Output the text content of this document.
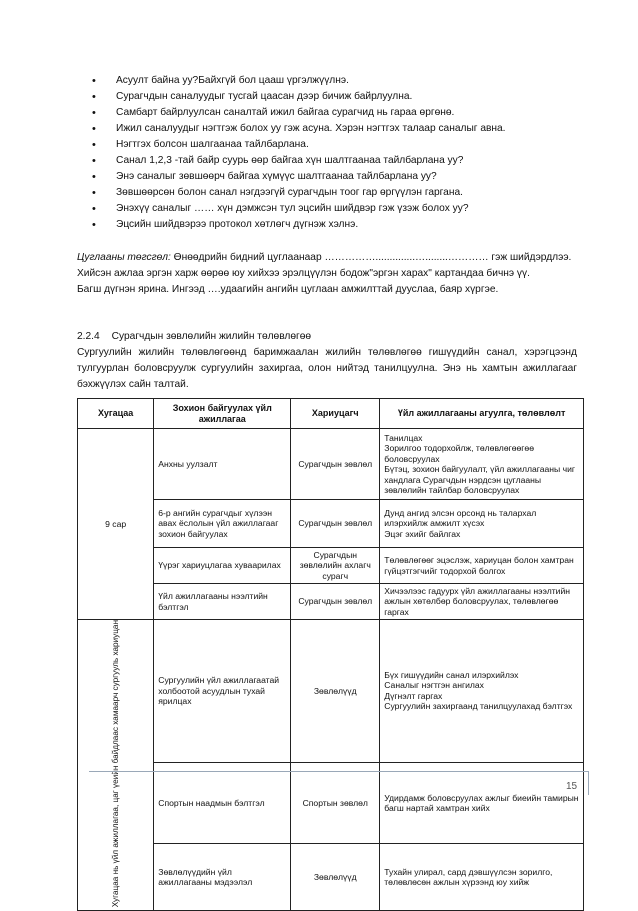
• Асуулт байна уу?Байхгүй бол цааш үргэлжүүлнэ.
• Сурагчдын саналуудыг тусгай цаасан дээр бичиж байрлуулна.
• Самбарт байрлуулсан саналтай ижил байгаа сурагчид нь гараа өргөнө.
• Ижил саналуудыг нэгтгэж болох уу гэж асуна. Хэрэн нэгтгэх талаар саналыг авна.
• Нэгтгэх болсон шалгаанаа тайлбарлана.
• Санал 1,2,3 -тай байр суурь өөр байгаа хүн шалтгаанаа тайлбарлана уу?
• Энэ саналыг зөвшөөрч байгаа хүмүүс шалтгаанаа тайлбарлана уу?
• Зөвшөөрсөн болон санал нэгдээгүй сурагчдын тоог гар өргүүлэн гаргана.
• Энэхүү саналыг …… хүн дэмжсэн тул эцсийн шийдвэр гэж үзэж болох уу?
• Эцсийн шийдвэрээ протокол хөтлөгч дүгнэж хэлнэ.
Цуглааны төгсгөл: Өнөөдрийн бидний цуглаанаар ……………..............…........………… гэж шийдэрдлээ. Хийсэн ажлаа эргэн харж өөрөө юу хийхээ эрэлцүүлэн бодож"эргэн харах" картандаа бичнэ үү.
Багш дүгнэн ярина. Ингээд ….удаагийн ангийн цуглаан амжилттай дууслаа, баяр хүргэе.
2.2.4 Сурагчдын зөвлөлийн жилийн төлөвлөгөө
Сургуулийн жилийн төлөвлөгөөнд баримжаалан жилийн төлөвлөгөө гишүүдийн санал, хэрэгцээнд тулгуурлан боловсруулж сургуулийн захиргаа, олон нийтэд танилцуулна. Энэ нь хамтын ажиллагааг бэхжүүлэх сайн талтай.
Хугацаа	Зохион байгуулах үйл ажиллагаа	Хариуцагч	Үйл ажиллагааны агуулга, төлөвлөлт
9 сар	Анхны уулзалт	Сурагчдын зөвлөл	Танилцах
Зорилгоо тодорхойлж, төлөвлөгөөгөө боловсруулах
Бүтэц, зохион байгуулалт, үйл ажиллагааны чиг хандлага Сурагчдын нэрдсэн цуглааны зөвлөлийн тайлбар боловсруулах

	6-р ангийн сурагчдыг хүлээн авах ёслолын үйл ажиллагааг зохион байгуулах	Сурагчдын зөвлөл	Дунд ангид элсэн орсонд нь талархал илэрхийлж амжилт хүсэх
Эцэг эхийг байлгах

	Үүрэг хариуцлагаа хуваарилах	Сурагчдын зөвлөлийн ахлагч сурагч	Төлөвлөгөөг эцэслэж, хариуцан болон хамтран гүйцэтгэгчийг тодорхой болгох

	Үйл ажиллагааны нээлтийн бэлтгэл	Сурагчдын зөвлөл	Хичээлээс гадуурх үйл ажиллагааны нээлтийн ажлын хөтөлбөр боловсруулах, төлөвлөгөө гаргах

Хугацаа нь үйл ажиллагаа, цаг үеийн байдлаас хамаарч сургууль хариуцан	Сургуулийн үйл ажиллагаатай холбоотой асуудлын тухай ярилцах	Зөвлөлүүд	Бүх гишүүдийн санал илэрхийлэх
Саналыг нэгтгэн ангилах
Дүгнэлт гаргах
Сургуулийн захиргаанд танилцуулахад бэлтгэх

	Спортын наадмын бэлтгэл	Спортын зөвлөл	Удирдамж боловсруулах ажлыг биеийн тамирын багш нартай хамтран хийх

	Зөвлөлүүдийн үйл ажиллагааны мэдээлэл	Зөвлөлүүд	Тухайн улирал, сард дэвшүүлсэн зорилго, төлөвлөсөн ажлын хүрээнд юу хийж
15
